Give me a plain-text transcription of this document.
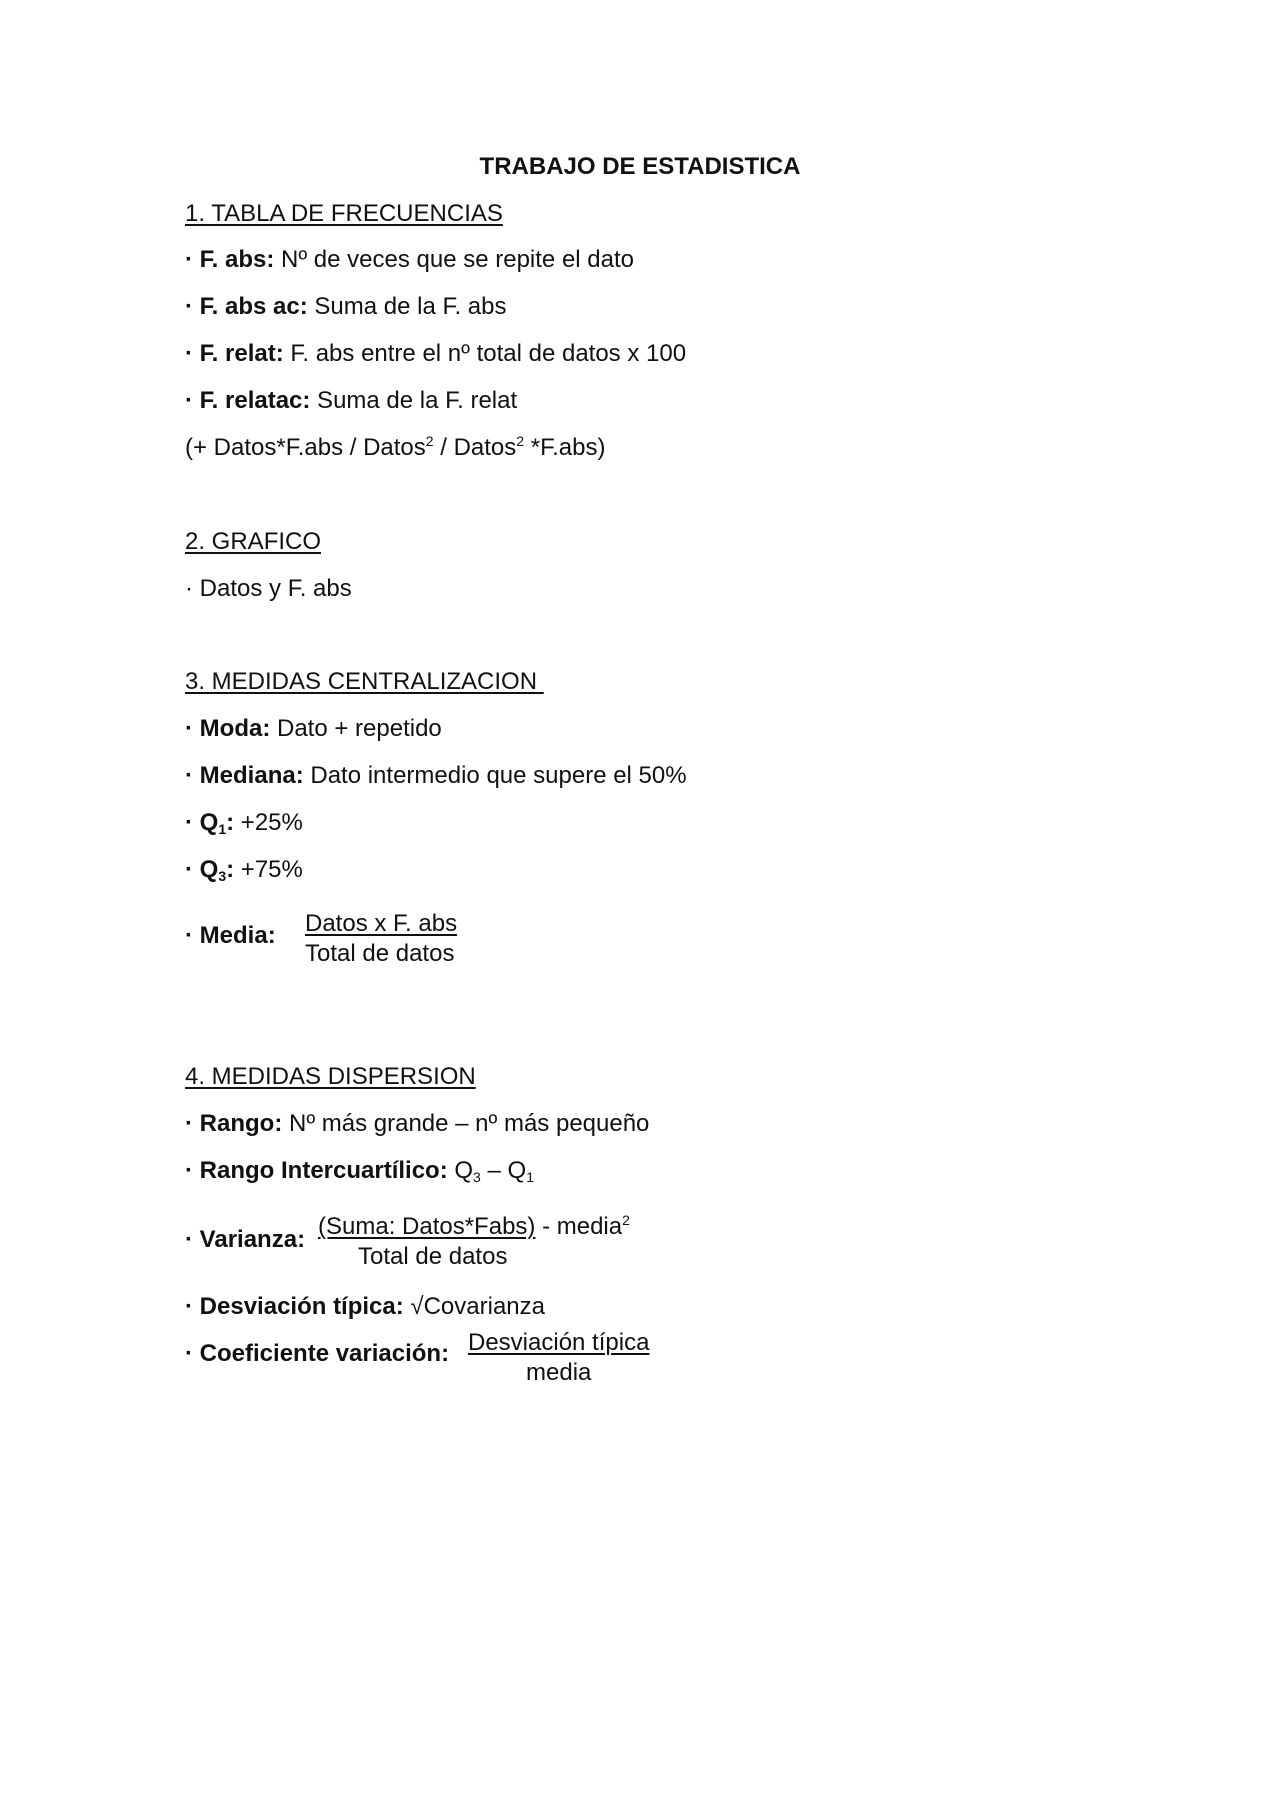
TRABAJO DE ESTADISTICA
1. TABLA DE FRECUENCIAS
· F. abs: Nº de veces que se repite el dato
· F. abs ac: Suma de la F. abs
· F. relat: F. abs entre el nº total de datos x 100
· F. relatac: Suma de la F. relat
(+ Datos*F.abs / Datos$^2$ / Datos$^2$ *F.abs)
2. GRAFICO
· Datos y F. abs
3. MEDIDAS CENTRALIZACION
· Moda: Dato + repetido
· Mediana: Dato intermedio que supere el 50%
· $Q_1$: +25%
· $Q_3$: +75%
· Media: Datos x F. abs
Total de datos
4. MEDIDAS DISPERSION
· Rango: Nº más grande – nº más pequeño
· Rango Intercuartílico: $Q_3 - Q_1$
· Varianza: (Suma: Datos*Fabs) - media$^2$
Total de datos
· Desviación típica: √Covarianza
· Coeficiente variación: Desviación típica
media
